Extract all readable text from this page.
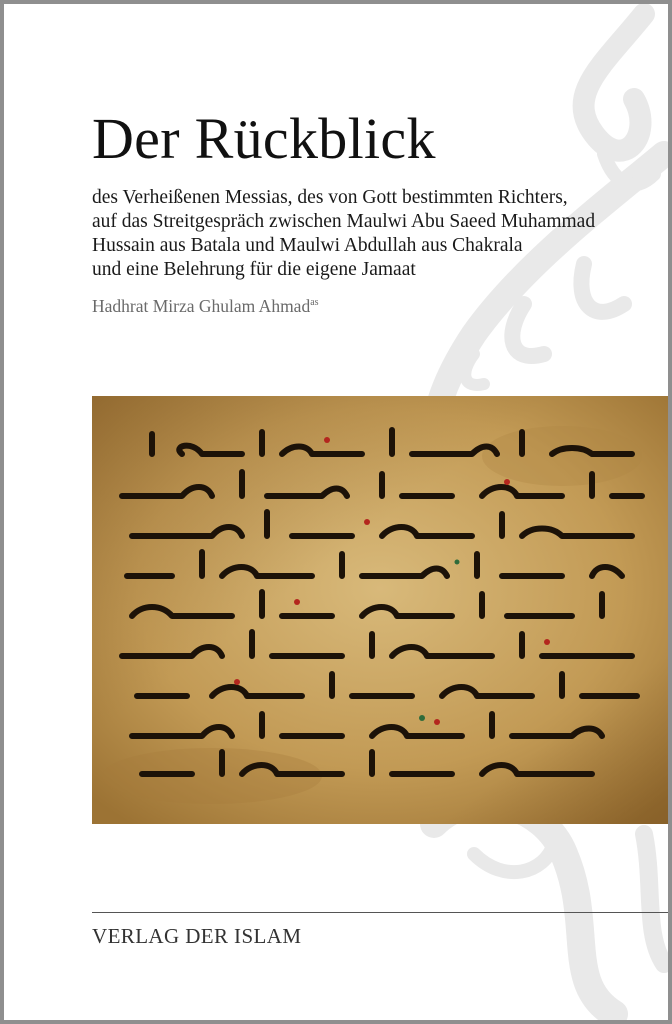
Der Rückblick
des Verheißenen Messias, des von Gott bestimmten Richters,
auf das Streitgespräch zwischen Maulwi Abu Saeed Muhammad
Hussain aus Batala und Maulwi Abdullah aus Chakrala
und eine Belehrung für die eigene Jamaat
Hadhrat Mirza Ghulam Ahmad$^{as}$
VERLAG DER ISLAM
